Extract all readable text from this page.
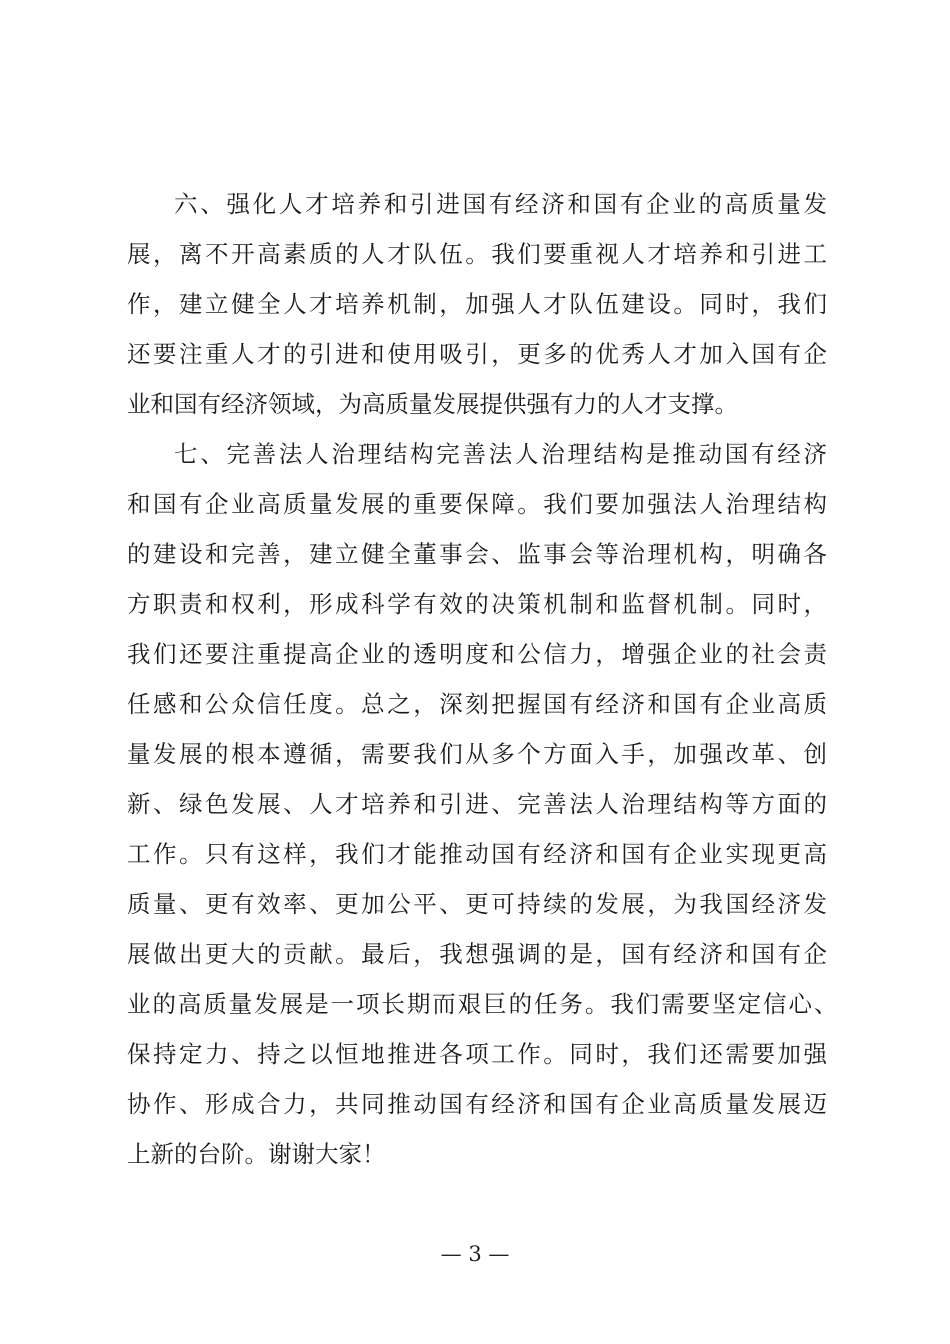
六、强化人才培养和引进国有经济和国有企业的高质量发
展，离不开高素质的人才队伍。我们要重视人才培养和引进工
作，建立健全人才培养机制，加强人才队伍建设。同时，我们
还要注重人才的引进和使用吸引，更多的优秀人才加入国有企
业和国有经济领域，为高质量发展提供强有力的人才支撑。
七、完善法人治理结构完善法人治理结构是推动国有经济
和国有企业高质量发展的重要保障。我们要加强法人治理结构
的建设和完善，建立健全董事会、监事会等治理机构，明确各
方职责和权利，形成科学有效的决策机制和监督机制。同时，
我们还要注重提高企业的透明度和公信力，增强企业的社会责
任感和公众信任度。总之，深刻把握国有经济和国有企业高质
量发展的根本遵循，需要我们从多个方面入手，加强改革、创
新、绿色发展、人才培养和引进、完善法人治理结构等方面的
工作。只有这样，我们才能推动国有经济和国有企业实现更高
质量、更有效率、更加公平、更可持续的发展，为我国经济发
展做出更大的贡献。最后，我想强调的是，国有经济和国有企
业的高质量发展是一项长期而艰巨的任务。我们需要坚定信心、
保持定力、持之以恒地推进各项工作。同时，我们还需要加强
协作、形成合力，共同推动国有经济和国有企业高质量发展迈
上新的台阶。谢谢大家！
— 3 —
